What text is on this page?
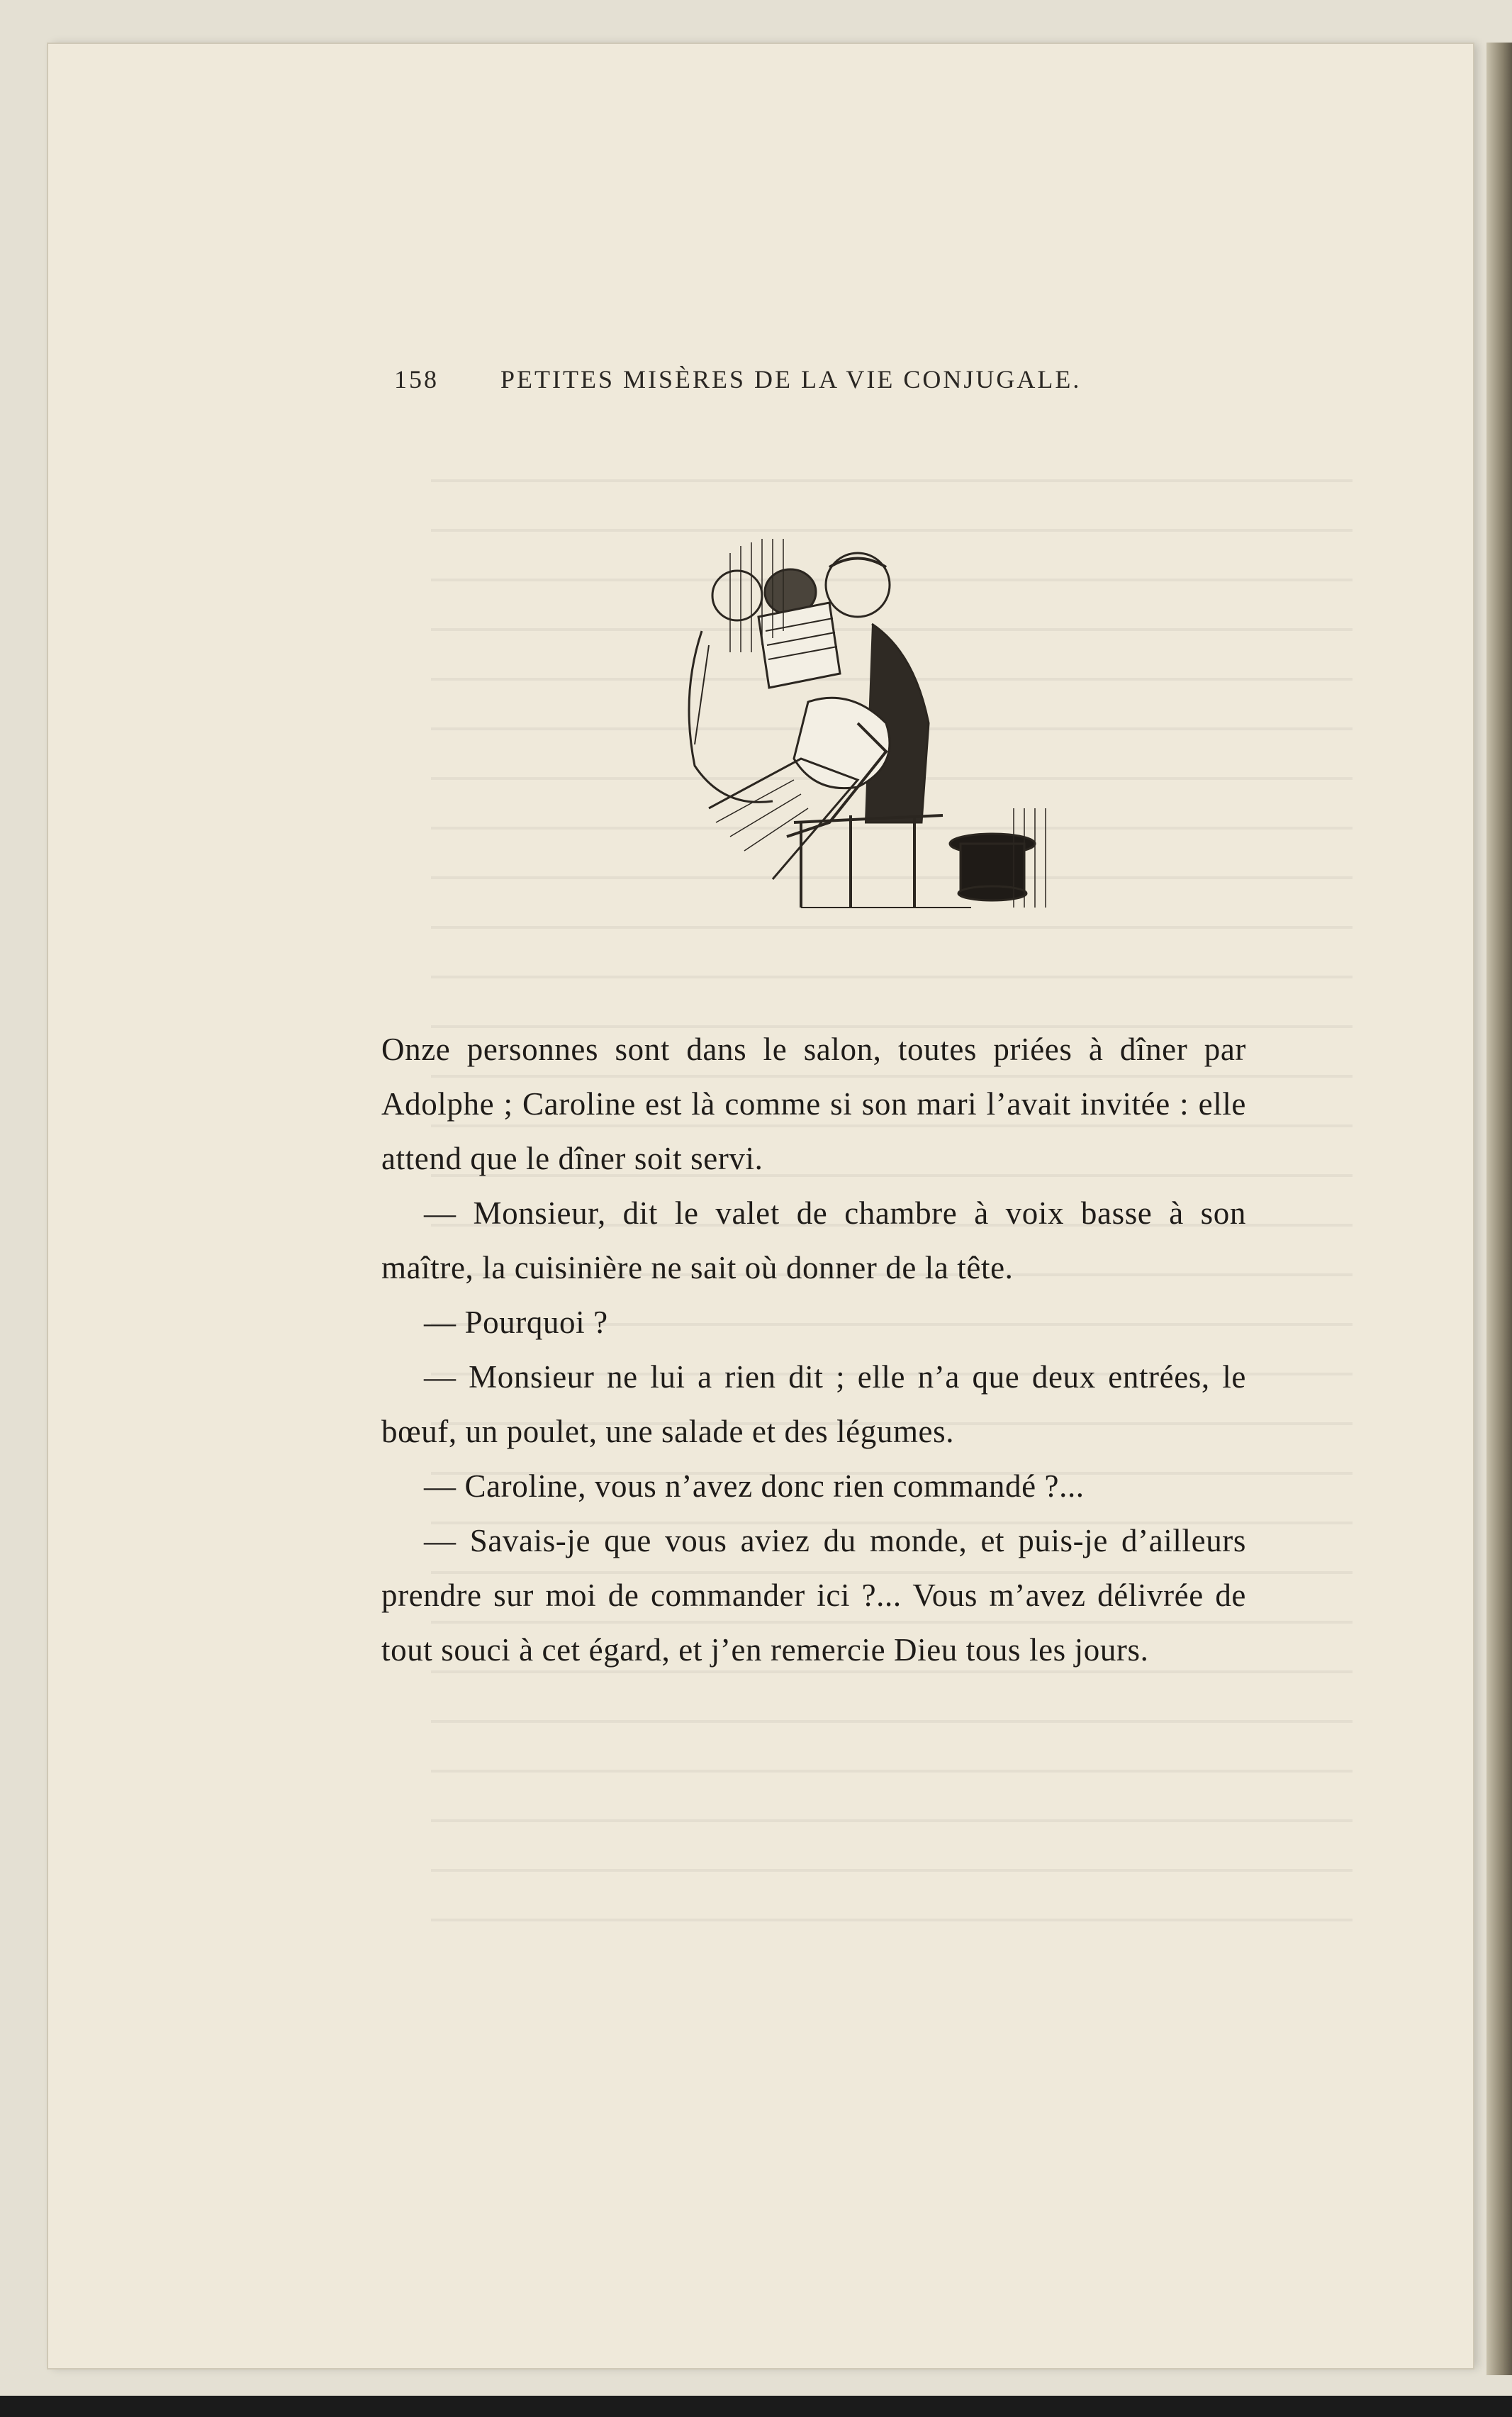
158	PETITES MISÈRES DE LA VIE CONJUGALE.

Onze personnes sont dans le salon, toutes priées à dîner par Adolphe ; Caroline est là comme si son mari l’avait invitée : elle attend que le dîner soit servi.

— Monsieur, dit le valet de chambre à voix basse à son maître, la cuisinière ne sait où donner de la tête.

— Pourquoi ?

— Monsieur ne lui a rien dit ; elle n’a que deux entrées, le bœuf, un poulet, une salade et des légumes.

— Caroline, vous n’avez donc rien commandé ?...

— Savais-je que vous aviez du monde, et puis-je d’ailleurs prendre sur moi de commander ici ?... Vous m’avez délivrée de tout souci à cet égard, et j’en remercie Dieu tous les jours.
